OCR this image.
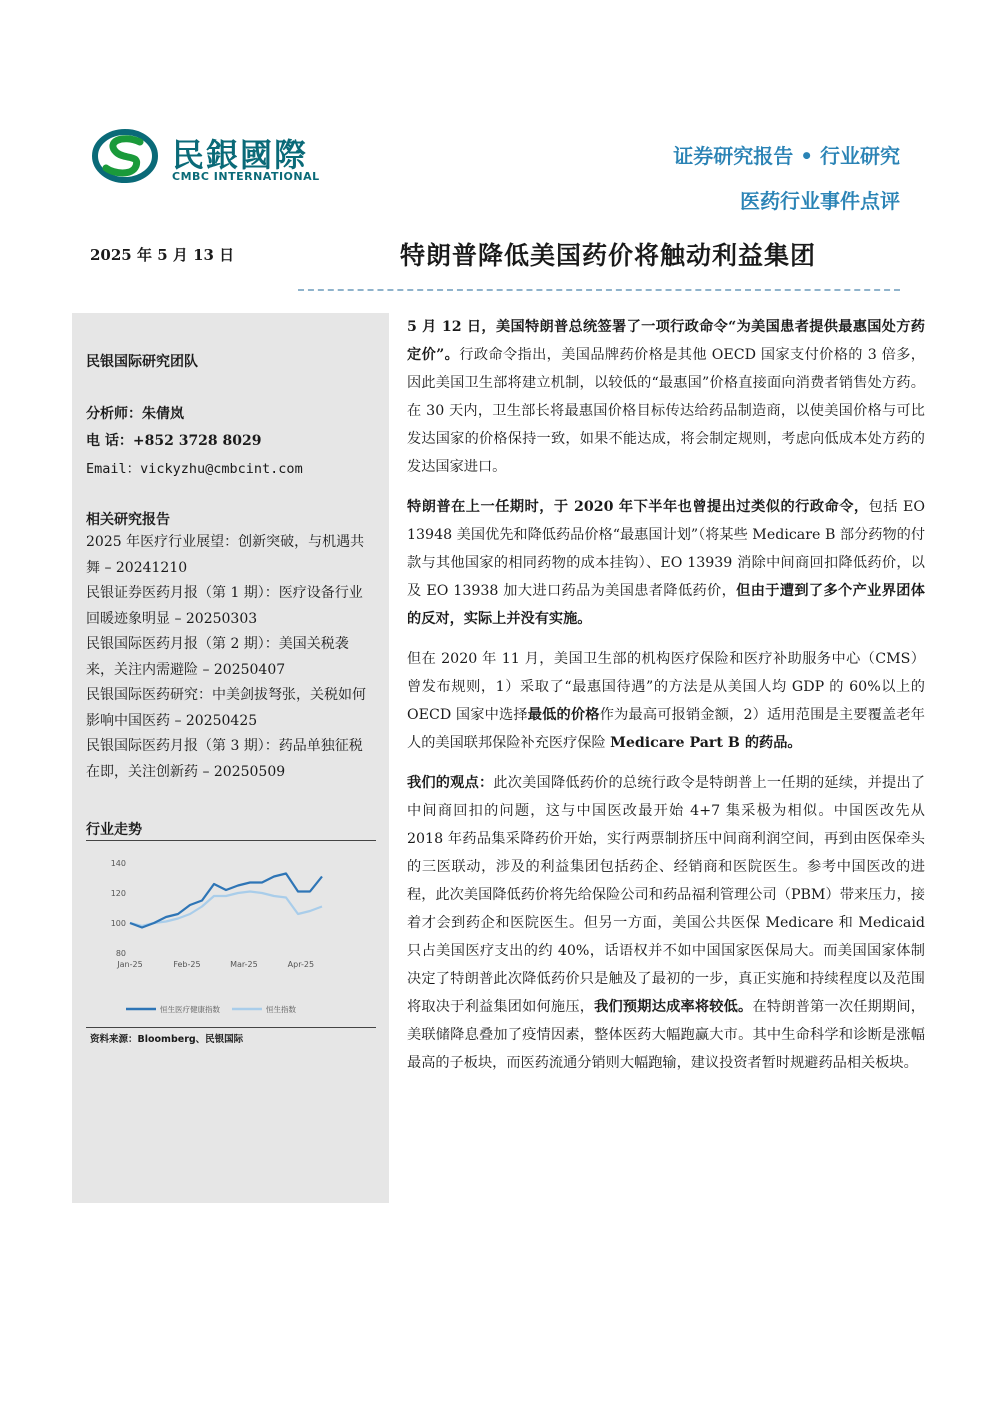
民銀國際
CMBC INTERNATIONAL
证券研究报告 • 行业研究
医药行业事件点评
2025 年 5 月 13 日	特朗普降低美国药价将触动利益集团
民银国际研究团队
分析师：朱倩岚
电 话：+852 3728 8029
Email：vickyzhu@cmbcint.com
相关研究报告

2025 年医疗行业展望：创新突破，与机遇共舞 – 20241210

民银证券医药月报（第 1 期）：医疗设备行业回暖迹象明显 – 20250303

民银国际医药月报（第 2 期）：美国关税袭来，关注内需避险 – 20250407

民银国际医药研究：中美剑拔弩张，关税如何影响中国医药 – 20250425

民银国际医药月报（第 3 期）：药品单独征税在即，关注创新药 – 20250509

行业走势
80
100
120
140
Jan-25	Feb-25	Mar-25	Apr-25
恒生医疗健康指数	恒生指数
资料来源：Bloomberg、民银国际

5 月 12 日，美国特朗普总统签署了一项行政命令“为美国患者提供最惠国处方药定价”。行政命令指出，美国品牌药价格是其他 OECD 国家支付价格的 3 倍多，因此美国卫生部将建立机制，以较低的“最惠国”价格直接面向消费者销售处方药。在 30 天内，卫生部长将最惠国价格目标传达给药品制造商，以使美国价格与可比发达国家的价格保持一致，如果不能达成，将会制定规则，考虑向低成本处方药的发达国家进口。

特朗普在上一任期时，于 2020 年下半年也曾提出过类似的行政命令，包括 EO 13948 美国优先和降低药品价格“最惠国计划”（将某些 Medicare B 部分药物的付款与其他国家的相同药物的成本挂钩）、EO 13939 消除中间商回扣降低药价，以及 EO 13938 加大进口药品为美国患者降低药价，但由于遭到了多个产业界团体的反对，实际上并没有实施。

但在 2020 年 11 月，美国卫生部的机构医疗保险和医疗补助服务中心（CMS）曾发布规则，1）采取了“最惠国待遇”的方法是从美国人均 GDP 的 60%以上的 OECD 国家中选择最低的价格作为最高可报销金额，2）适用范围是主要覆盖老年人的美国联邦保险补充医疗保险 Medicare Part B 的药品。

我们的观点：此次美国降低药价的总统行政令是特朗普上一任期的延续，并提出了中间商回扣的问题，这与中国医改最开始 4+7 集采极为相似。中国医改先从 2018 年药品集采降药价开始，实行两票制挤压中间商利润空间，再到由医保牵头的三医联动，涉及的利益集团包括药企、经销商和医院医生。参考中国医改的进程，此次美国降低药价将先给保险公司和药品福利管理公司（PBM）带来压力，接着才会到药企和医院医生。但另一方面，美国公共医保 Medicare 和 Medicaid 只占美国医疗支出的约 40%，话语权并不如中国国家医保局大。而美国国家体制决定了特朗普此次降低药价只是触及了最初的一步，真正实施和持续程度以及范围将取决于利益集团如何施压，我们预期达成率将较低。在特朗普第一次任期期间，美联储降息叠加了疫情因素，整体医药大幅跑赢大市。其中生命科学和诊断是涨幅最高的子板块，而医药流通分销则大幅跑输，建议投资者暂时规避药品相关板块。
